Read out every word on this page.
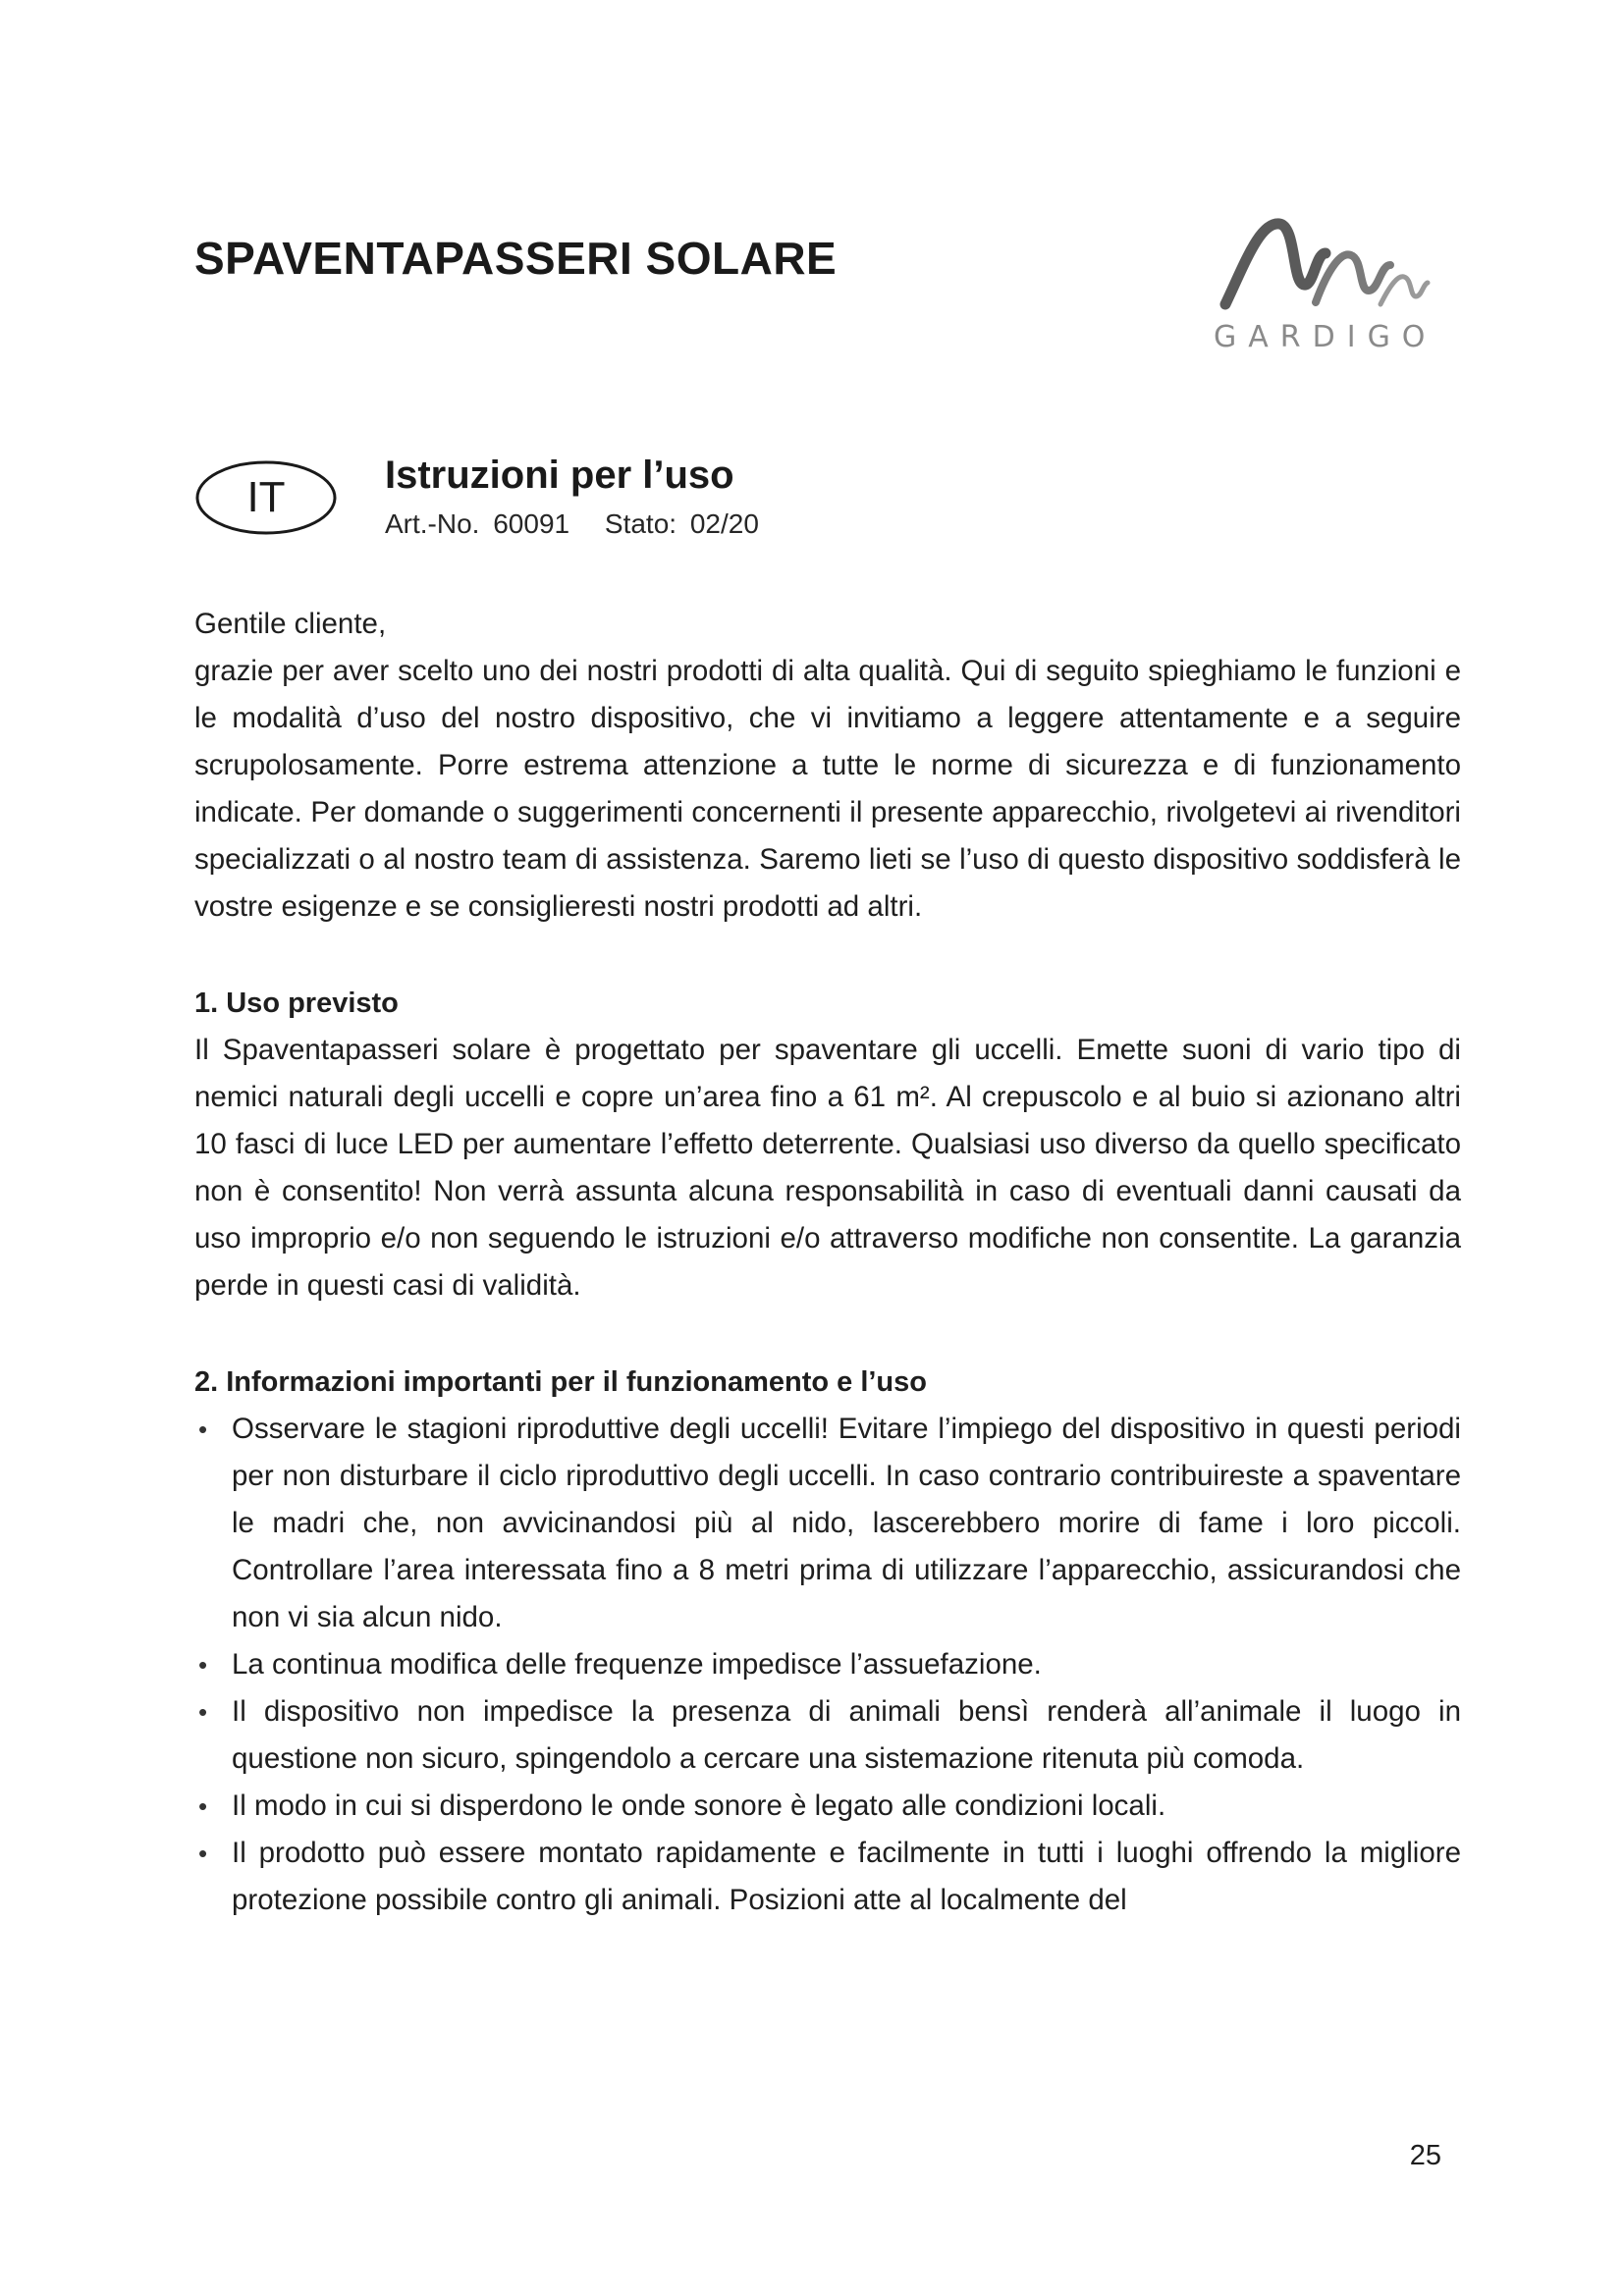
SPAVENTAPASSERI SOLARE
GARDIGO
IT	Istruzioni per l’uso
Art.-No. 60091 Stato: 02/20

Gentile cliente,

grazie per aver scelto uno dei nostri prodotti di alta qualità. Qui di seguito spieghiamo le funzioni e le modalità d’uso del nostro dispositivo, che vi invitiamo a leggere attentamente e a seguire scrupolosamente. Porre estrema attenzione a tutte le norme di sicurezza e di funzionamento indicate. Per domande o suggerimenti concernenti il presente apparecchio, rivolgetevi ai rivenditori specializzati o al nostro team di assistenza. Saremo lieti se l’uso di questo dispositivo soddisferà le vostre esigenze e se consiglieresti nostri prodotti ad altri.

1. Uso previsto

Il Spaventapasseri solare è progettato per spaventare gli uccelli. Emette suoni di vario tipo di nemici naturali degli uccelli e copre un’area fino a 61 m². Al crepuscolo e al buio si azionano altri 10 fasci di luce LED per aumentare l’effetto deterrente. Qualsiasi uso diverso da quello specificato non è consentito! Non verrà assunta alcuna responsabilità in caso di eventuali danni causati da uso improprio e/o non seguendo le istruzioni e/o attraverso modifiche non consentite. La garanzia perde in questi casi di validità.

2. Informazioni importanti per il funzionamento e l’uso

• Osservare le stagioni riproduttive degli uccelli! Evitare l’impiego del dispositivo in questi periodi per non disturbare il ciclo riproduttivo degli uccelli. In caso contrario contribuireste a spaventare le madri che, non avvicinandosi più al nido, lascerebbero morire di fame i loro piccoli. Controllare l’area interessata fino a 8 metri prima di utilizzare l’apparecchio, assicurandosi che non vi sia alcun nido.
• La continua modifica delle frequenze impedisce l’assuefazione.
• Il dispositivo non impedisce la presenza di animali bensì renderà all’animale il luogo in questione non sicuro, spingendolo a cercare una sistemazione ritenuta più comoda.
• Il modo in cui si disperdono le onde sonore è legato alle condizioni locali.
• Il prodotto può essere montato rapidamente e facilmente in tutti i luoghi offrendo la migliore protezione possibile contro gli animali. Posizioni atte al localmente del
25
